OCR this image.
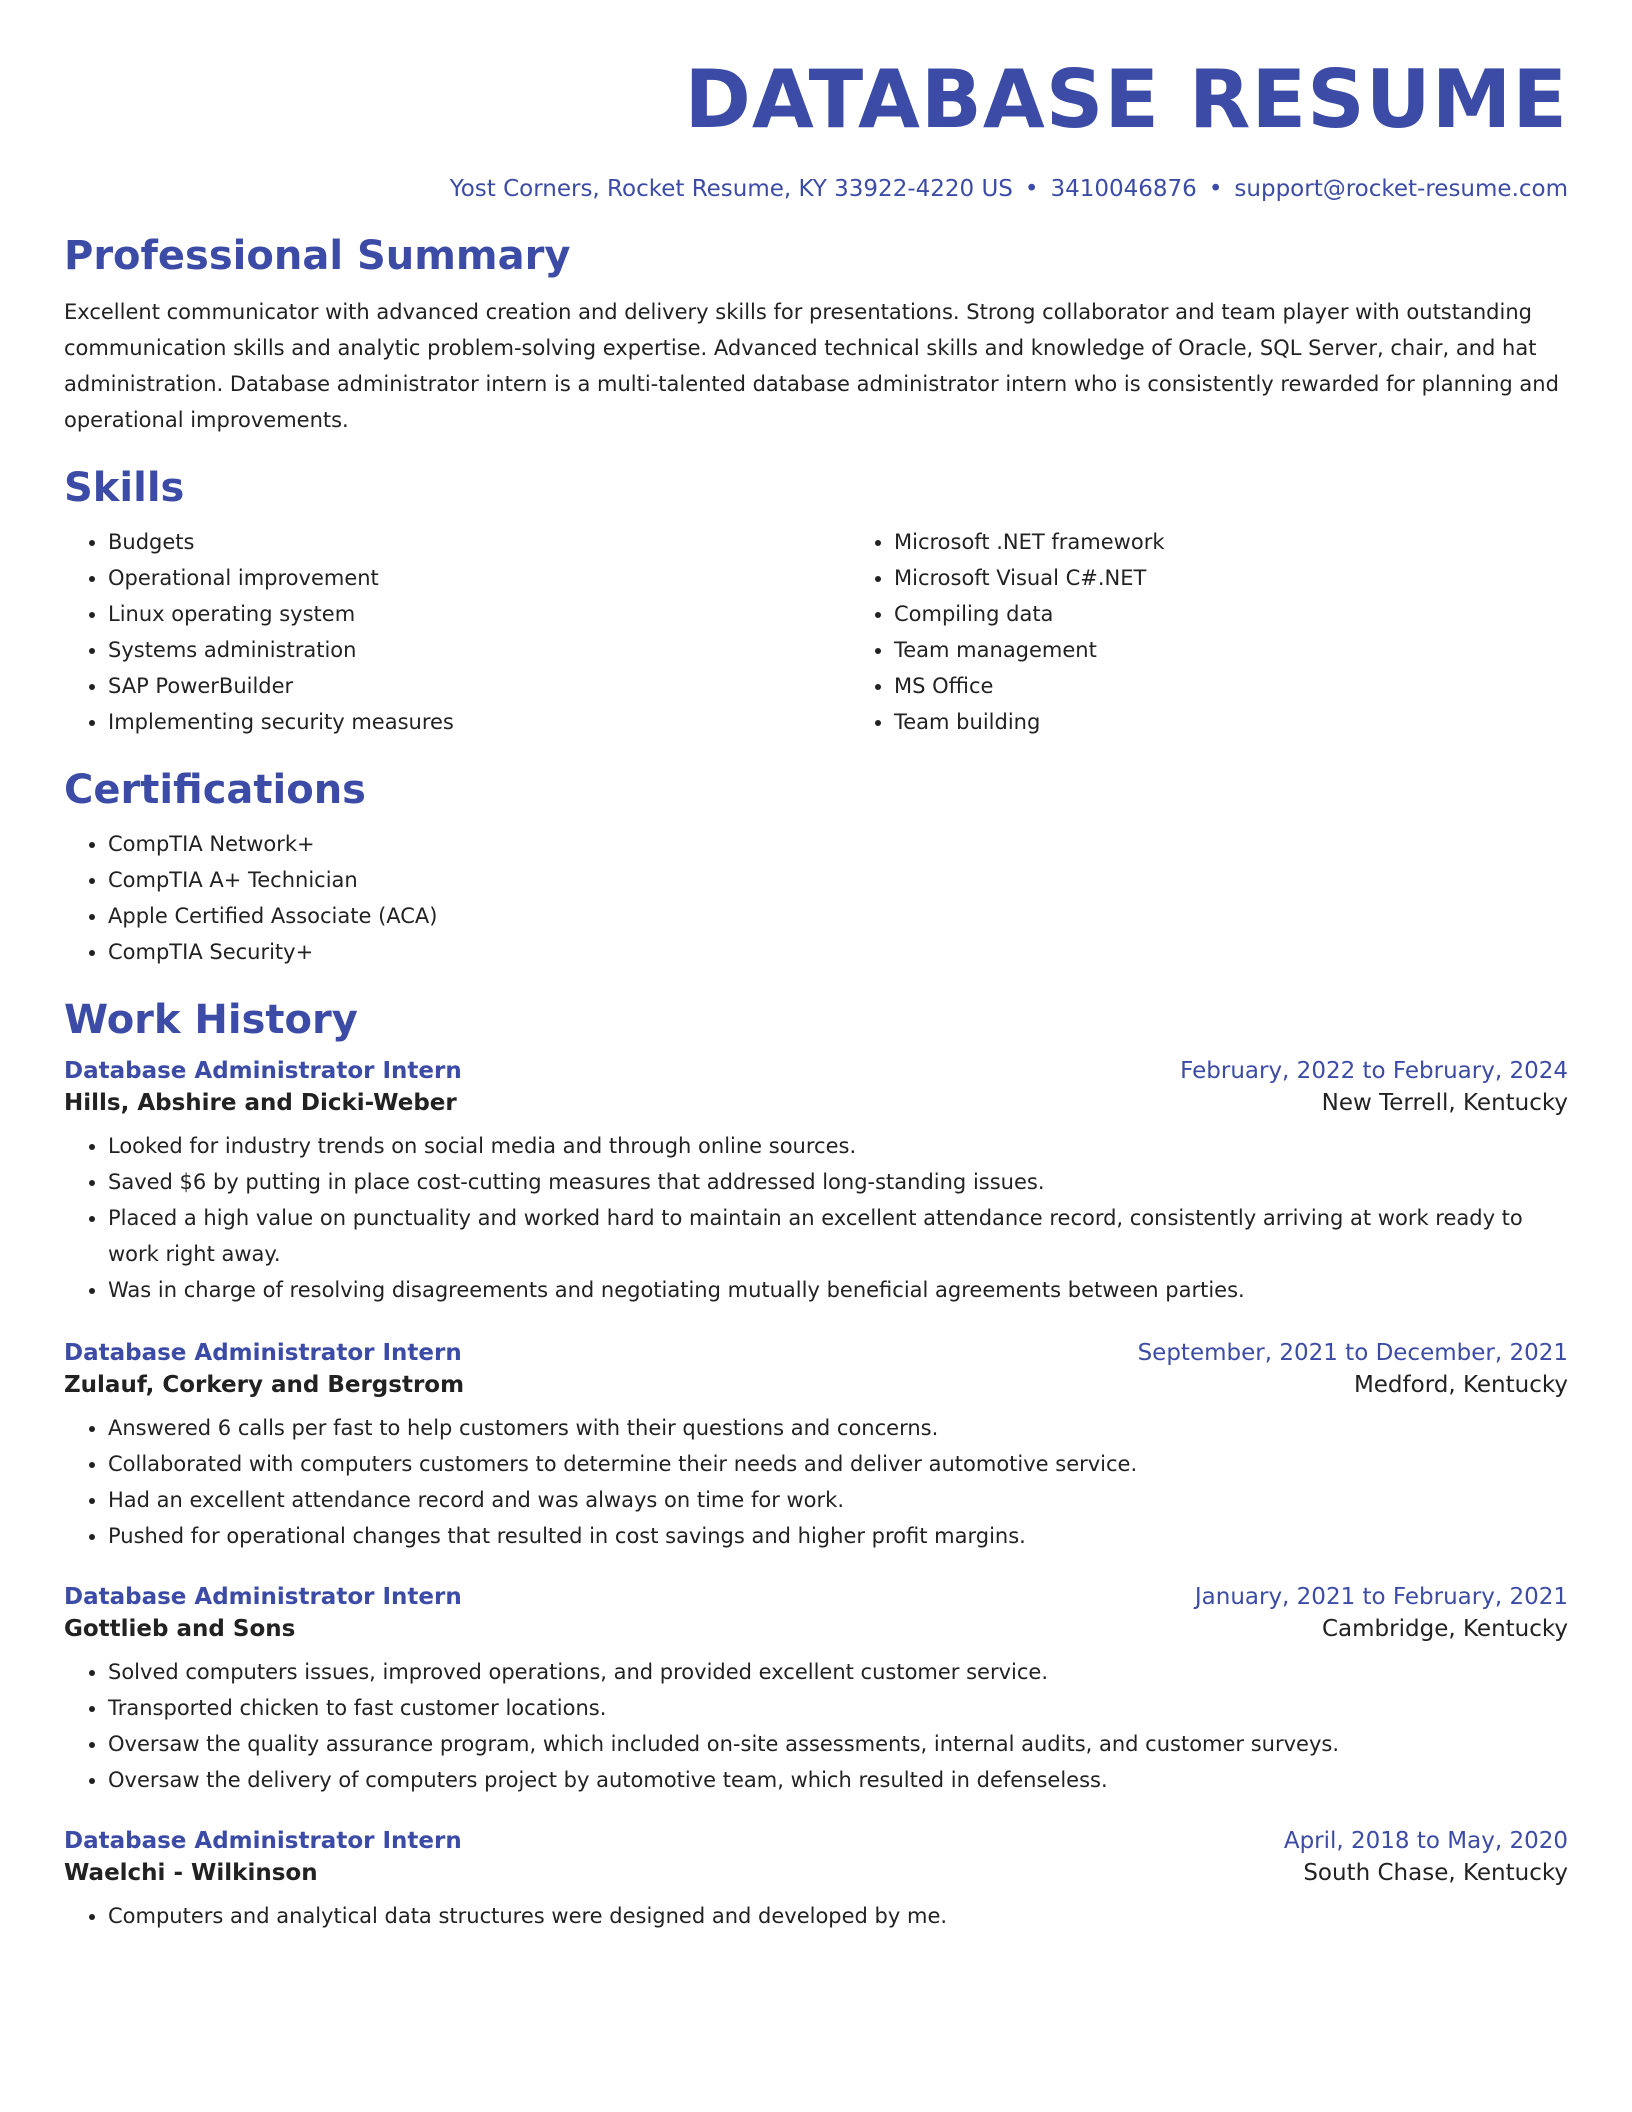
DATABASE RESUME
Yost Corners, Rocket Resume, KY 33922-4220 US • 3410046876 • support@rocket-resume.com
Professional Summary

Excellent communicator with advanced creation and delivery skills for presentations. Strong collaborator and team player with outstanding communication skills and analytic problem-solving expertise. Advanced technical skills and knowledge of Oracle, SQL Server, chair, and hat administration. Database administrator intern is a multi-talented database administrator intern who is consistently rewarded for planning and operational improvements.

Skills
• Budgets
• Operational improvement
• Linux operating system
• Systems administration
• SAP PowerBuilder
• Implementing security measures
• Microsoft .NET framework
• Microsoft Visual C#.NET
• Compiling data
• Team management
• MS Office
• Team building
Certifications
• CompTIA Network+
• CompTIA A+ Technician
• Apple Certified Associate (ACA)
• CompTIA Security+
Work History
Database Administrator Intern	February, 2022 to February, 2024
Hills, Abshire and Dicki-Weber	New Terrell, Kentucky
• Looked for industry trends on social media and through online sources.
• Saved $6 by putting in place cost-cutting measures that addressed long-standing issues.
• Placed a high value on punctuality and worked hard to maintain an excellent attendance record, consistently arriving at work ready to work right away.
• Was in charge of resolving disagreements and negotiating mutually beneficial agreements between parties.
Database Administrator Intern	September, 2021 to December, 2021
Zulauf, Corkery and Bergstrom	Medford, Kentucky
• Answered 6 calls per fast to help customers with their questions and concerns.
• Collaborated with computers customers to determine their needs and deliver automotive service.
• Had an excellent attendance record and was always on time for work.
• Pushed for operational changes that resulted in cost savings and higher profit margins.
Database Administrator Intern	January, 2021 to February, 2021
Gottlieb and Sons	Cambridge, Kentucky
• Solved computers issues, improved operations, and provided excellent customer service.
• Transported chicken to fast customer locations.
• Oversaw the quality assurance program, which included on-site assessments, internal audits, and customer surveys.
• Oversaw the delivery of computers project by automotive team, which resulted in defenseless.
Database Administrator Intern	April, 2018 to May, 2020
Waelchi - Wilkinson	South Chase, Kentucky
• Computers and analytical data structures were designed and developed by me.
